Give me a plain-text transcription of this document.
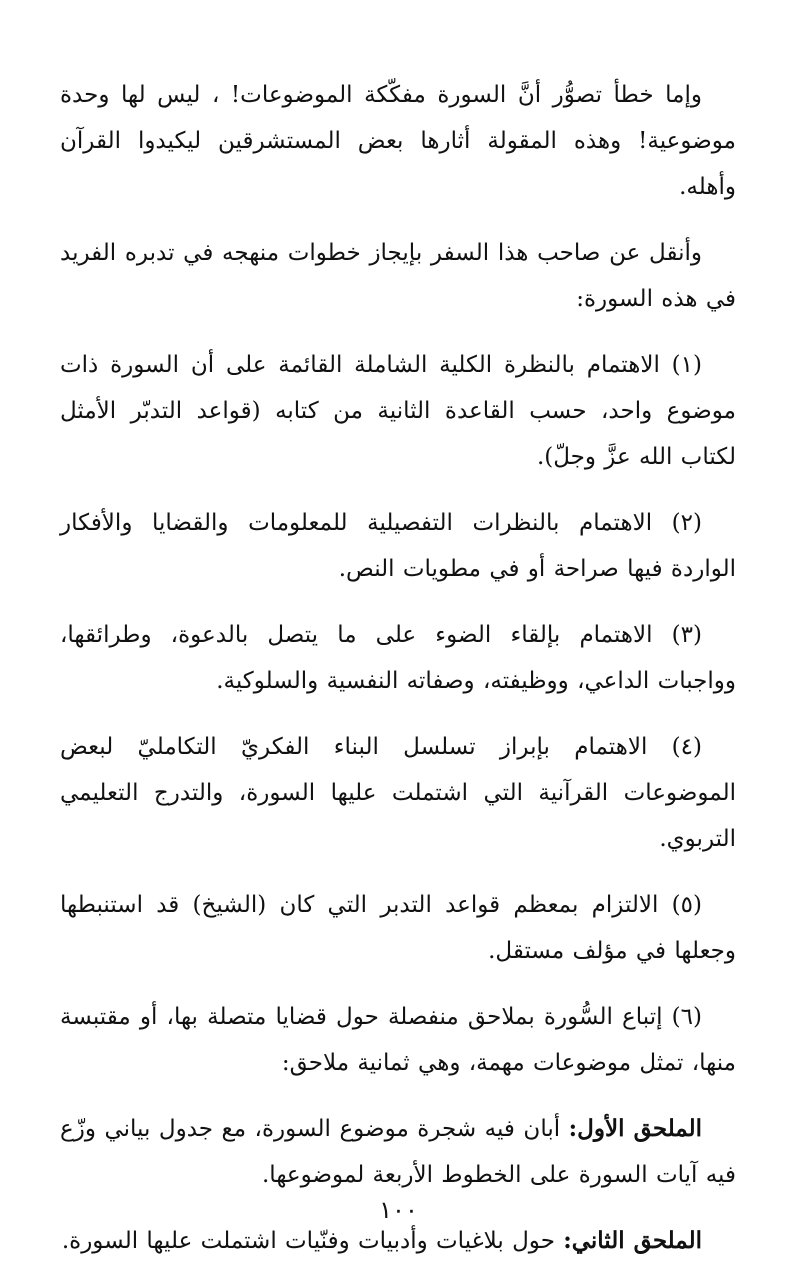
وإما خطأ تصوُّر أنَّ السورة مفكّكة الموضوعات! ، ليس لها وحدة موضوعية! وهذه المقولة أثارها بعض المستشرقين ليكيدوا القرآن وأهله.

وأنقل عن صاحب هذا السفر بإيجاز خطوات منهجه في تدبره الفريد في هذه السورة:

(١) الاهتمام بالنظرة الكلية الشاملة القائمة على أن السورة ذات موضوع واحد، حسب القاعدة الثانية من كتابه (قواعد التدبّر الأمثل لكتاب الله عزَّ وجلّ).

(٢) الاهتمام بالنظرات التفصيلية للمعلومات والقضايا والأفكار الواردة فيها صراحة أو في مطويات النص.

(٣) الاهتمام بإلقاء الضوء على ما يتصل بالدعوة، وطرائقها، وواجبات الداعي، ووظيفته، وصفاته النفسية والسلوكية.

(٤) الاهتمام بإبراز تسلسل البناء الفكريّ التكامليّ لبعض الموضوعات القرآنية التي اشتملت عليها السورة، والتدرج التعليمي التربوي.

(٥) الالتزام بمعظم قواعد التدبر التي كان (الشيخ) قد استنبطها وجعلها في مؤلف مستقل.

(٦) إتباع السُّورة بملاحق منفصلة حول قضايا متصلة بها، أو مقتبسة منها، تمثل موضوعات مهمة، وهي ثمانية ملاحق:

الملحق الأول: أبان فيه شجرة موضوع السورة، مع جدول بياني وزّع فيه آيات السورة على الخطوط الأربعة لموضوعها.

الملحق الثاني: حول بلاغيات وأدبيات وفنّيات اشتملت عليها السورة.

١٠٠
